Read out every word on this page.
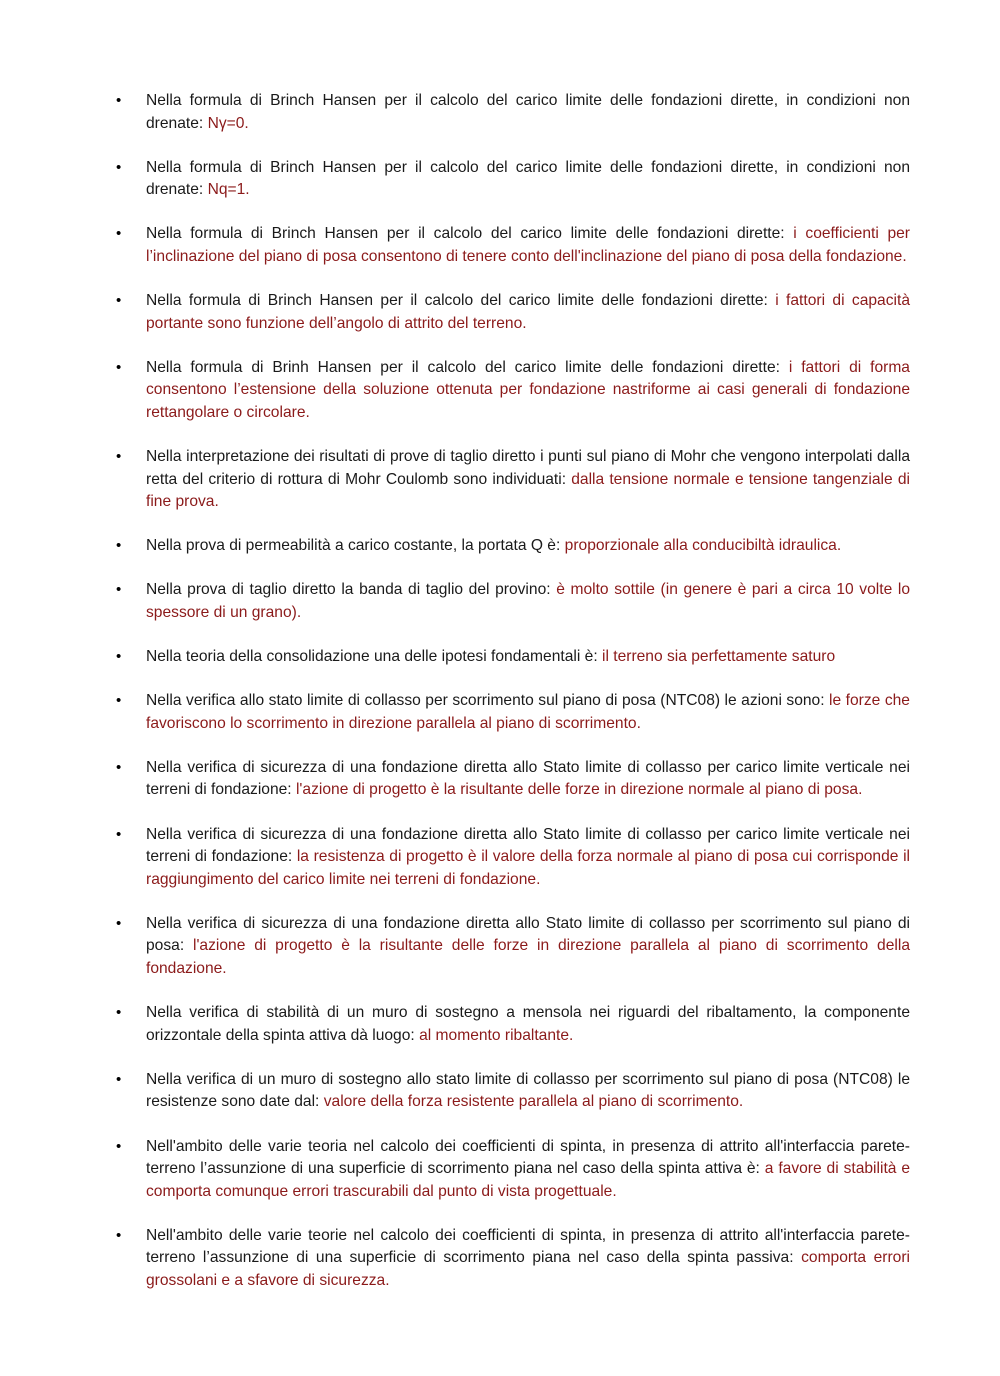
•	Nella formula di Brinch Hansen per il calcolo del carico limite delle fondazioni dirette, in condizioni non drenate: Nγ=0.
•	Nella formula di Brinch Hansen per il calcolo del carico limite delle fondazioni dirette, in condizioni non drenate: Nq=1.
•	Nella formula di Brinch Hansen per il calcolo del carico limite delle fondazioni dirette: i coefficienti per l’inclinazione del piano di posa consentono di tenere conto dell'inclinazione del piano di posa della fondazione.
•	Nella formula di Brinch Hansen per il calcolo del carico limite delle fondazioni dirette: i fattori di capacità portante sono funzione dell’angolo di attrito del terreno.
•	Nella formula di Brinh Hansen per il calcolo del carico limite delle fondazioni dirette: i fattori di forma consentono l’estensione della soluzione ottenuta per fondazione nastriforme ai casi generali di fondazione rettangolare o circolare.
•	Nella interpretazione dei risultati di prove di taglio diretto i punti sul piano di Mohr che vengono interpolati dalla retta del criterio di rottura di Mohr Coulomb sono individuati: dalla tensione normale e tensione tangenziale di fine prova.
•	Nella prova di permeabilità a carico costante, la portata Q è: proporzionale alla conducibiltà idraulica.
•	Nella prova di taglio diretto la banda di taglio del provino: è molto sottile (in genere è pari a circa 10 volte lo spessore di un grano).
•	Nella teoria della consolidazione una delle ipotesi fondamentali è: il terreno sia perfettamente saturo
•	Nella verifica allo stato limite di collasso per scorrimento sul piano di posa (NTC08) le azioni sono: le forze che favoriscono lo scorrimento in direzione parallela al piano di scorrimento.
•	Nella verifica di sicurezza di una fondazione diretta allo Stato limite di collasso per carico limite verticale nei terreni di fondazione: l'azione di progetto è la risultante delle forze in direzione normale al piano di posa.
•	Nella verifica di sicurezza di una fondazione diretta allo Stato limite di collasso per carico limite verticale nei terreni di fondazione: la resistenza di progetto è il valore della forza normale al piano di posa cui corrisponde il raggiungimento del carico limite nei terreni di fondazione.
•	Nella verifica di sicurezza di una fondazione diretta allo Stato limite di collasso per scorrimento sul piano di posa: l'azione di progetto è la risultante delle forze in direzione parallela al piano di scorrimento della fondazione.
•	Nella verifica di stabilità di un muro di sostegno a mensola nei riguardi del ribaltamento, la componente orizzontale della spinta attiva dà luogo: al momento ribaltante.
•	Nella verifica di un muro di sostegno allo stato limite di collasso per scorrimento sul piano di posa (NTC08) le resistenze sono date dal: valore della forza resistente parallela al piano di scorrimento.
•	Nell'ambito delle varie teoria nel calcolo dei coefficienti di spinta, in presenza di attrito all'interfaccia parete-terreno l’assunzione di una superficie di scorrimento piana nel caso della spinta attiva è: a favore di stabilità e comporta comunque errori trascurabili dal punto di vista progettuale.
•	Nell'ambito delle varie teorie nel calcolo dei coefficienti di spinta, in presenza di attrito all'interfaccia parete-terreno l’assunzione di una superficie di scorrimento piana nel caso della spinta passiva: comporta errori grossolani e a sfavore di sicurezza.
